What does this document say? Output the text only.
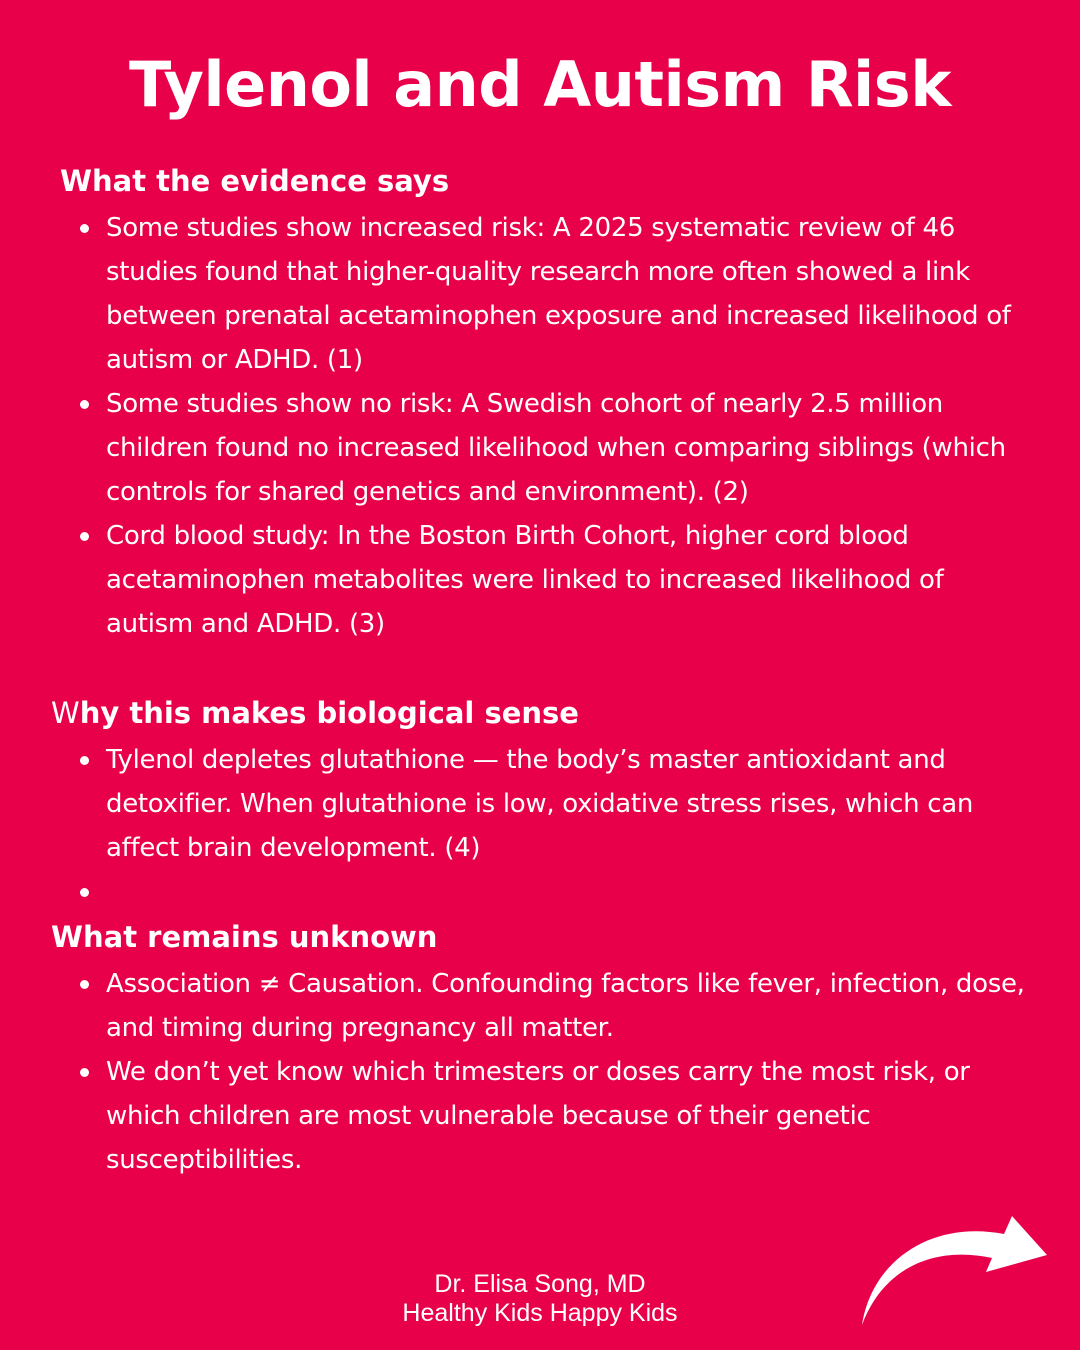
Tylenol and Autism Risk
What the evidence says
Some studies show increased risk: A 2025 systematic review of 46 studies found that higher-quality research more often showed a link between prenatal acetaminophen exposure and increased likelihood of autism or ADHD. (1)
Some studies show no risk: A Swedish cohort of nearly 2.5 million children found no increased likelihood when comparing siblings (which controls for shared genetics and environment). (2)
Cord blood study: In the Boston Birth Cohort, higher cord blood acetaminophen metabolites were linked to increased likelihood of autism and ADHD. (3)
Why this makes biological sense
Tylenol depletes glutathione — the body’s master antioxidant and detoxifier. When glutathione is low, oxidative stress rises, which can affect brain development. (4)
What remains unknown
Association ≠ Causation. Confounding factors like fever, infection, dose, and timing during pregnancy all matter.
We don’t yet know which trimesters or doses carry the most risk, or which children are most vulnerable because of their genetic susceptibilities.
Dr. Elisa Song, MD
Healthy Kids Happy Kids
